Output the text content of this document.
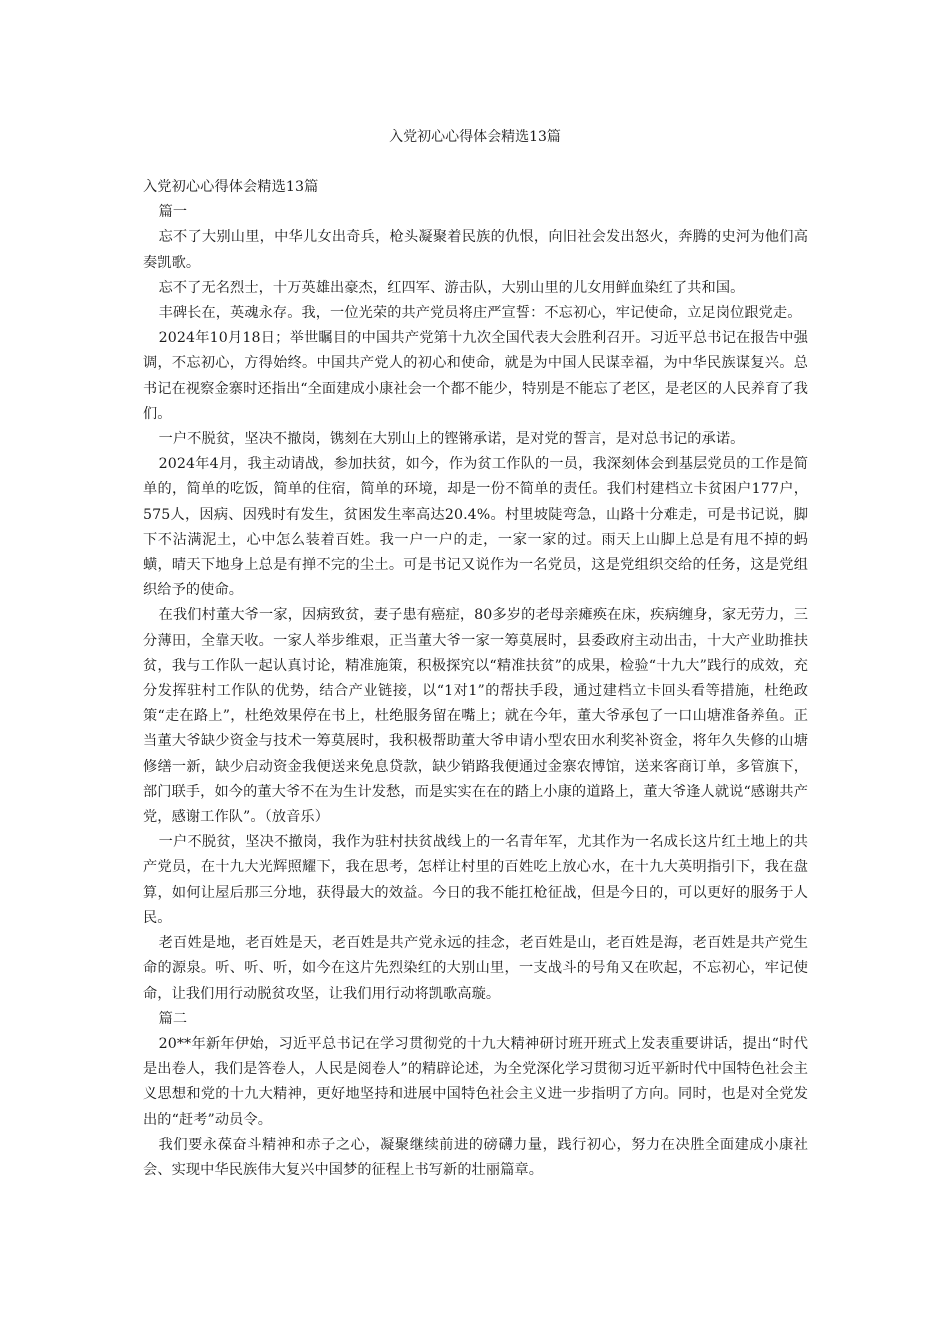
入党初心心得体会精选13篇

入党初心心得体会精选13篇

篇一

忘不了大别山里，中华儿女出奇兵，枪头凝聚着民族的仇恨，向旧社会发出怒火，奔腾的史河为他们高奏凯歌。

忘不了无名烈士，十万英雄出豪杰，红四军、游击队，大别山里的儿女用鲜血染红了共和国。

丰碑长在，英魂永存。我，一位光荣的共产党员将庄严宣誓：不忘初心，牢记使命，立足岗位跟党走。

2024年10月18日；举世瞩目的中国共产党第十九次全国代表大会胜利召开。习近平总书记在报告中强调，不忘初心，方得始终。中国共产党人的初心和使命，就是为中国人民谋幸福，为中华民族谋复兴。总书记在视察金寨时还指出“全面建成小康社会一个都不能少，特别是不能忘了老区，是老区的人民养育了我们。

一户不脱贫，坚决不撤岗，镌刻在大别山上的铿锵承诺，是对党的誓言，是对总书记的承诺。

2024年4月，我主动请战，参加扶贫，如今，作为贫工作队的一员，我深刻体会到基层党员的工作是简单的，简单的吃饭，简单的住宿，简单的环境，却是一份不简单的责任。我们村建档立卡贫困户177户，575人，因病、因残时有发生，贫困发生率高达20.4%。村里坡陡弯急，山路十分难走，可是书记说，脚下不沾满泥土，心中怎么装着百姓。我一户一户的走，一家一家的过。雨天上山脚上总是有甩不掉的蚂蟥，晴天下地身上总是有掸不完的尘土。可是书记又说作为一名党员，这是党组织交给的任务，这是党组织给予的使命。

在我们村董大爷一家，因病致贫，妻子患有癌症，80多岁的老母亲瘫痪在床，疾病缠身，家无劳力，三分薄田，全靠天收。一家人举步维艰，正当董大爷一家一筹莫展时，县委政府主动出击，十大产业助推扶贫，我与工作队一起认真讨论，精准施策，积极探究以“精准扶贫”的成果，检验“十九大”践行的成效，充分发挥驻村工作队的优势，结合产业链接，以“1对1”的帮扶手段，通过建档立卡回头看等措施，杜绝政策“走在路上”，杜绝效果停在书上，杜绝服务留在嘴上；就在今年，董大爷承包了一口山塘准备养鱼。正当董大爷缺少资金与技术一筹莫展时，我积极帮助董大爷申请小型农田水利奖补资金，将年久失修的山塘修缮一新，缺少启动资金我便送来免息贷款，缺少销路我便通过金寨农博馆，送来客商订单，多管旗下，部门联手，如今的董大爷不在为生计发愁，而是实实在在的踏上小康的道路上，董大爷逢人就说“感谢共产党，感谢工作队”。（放音乐）

一户不脱贫，坚决不撤岗，我作为驻村扶贫战线上的一名青年军，尤其作为一名成长这片红土地上的共产党员，在十九大光辉照耀下，我在思考，怎样让村里的百姓吃上放心水，在十九大英明指引下，我在盘算，如何让屋后那三分地，获得最大的效益。今日的我不能扛枪征战，但是今日的，可以更好的服务于人民。

老百姓是地，老百姓是天，老百姓是共产党永远的挂念，老百姓是山，老百姓是海，老百姓是共产党生命的源泉。听、听、听，如今在这片先烈染红的大别山里，一支战斗的号角又在吹起，不忘初心，牢记使命，让我们用行动脱贫攻坚，让我们用行动将凯歌高璇。

篇二

20**年新年伊始，习近平总书记在学习贯彻党的十九大精神研讨班开班式上发表重要讲话，提出“时代是出卷人，我们是答卷人，人民是阅卷人”的精辟论述，为全党深化学习贯彻习近平新时代中国特色社会主义思想和党的十九大精神，更好地坚持和进展中国特色社会主义进一步指明了方向。同时，也是对全党发出的“赶考”动员令。

我们要永葆奋斗精神和赤子之心，凝聚继续前进的磅礴力量，践行初心，努力在决胜全面建成小康社会、实现中华民族伟大复兴中国梦的征程上书写新的壮丽篇章。
